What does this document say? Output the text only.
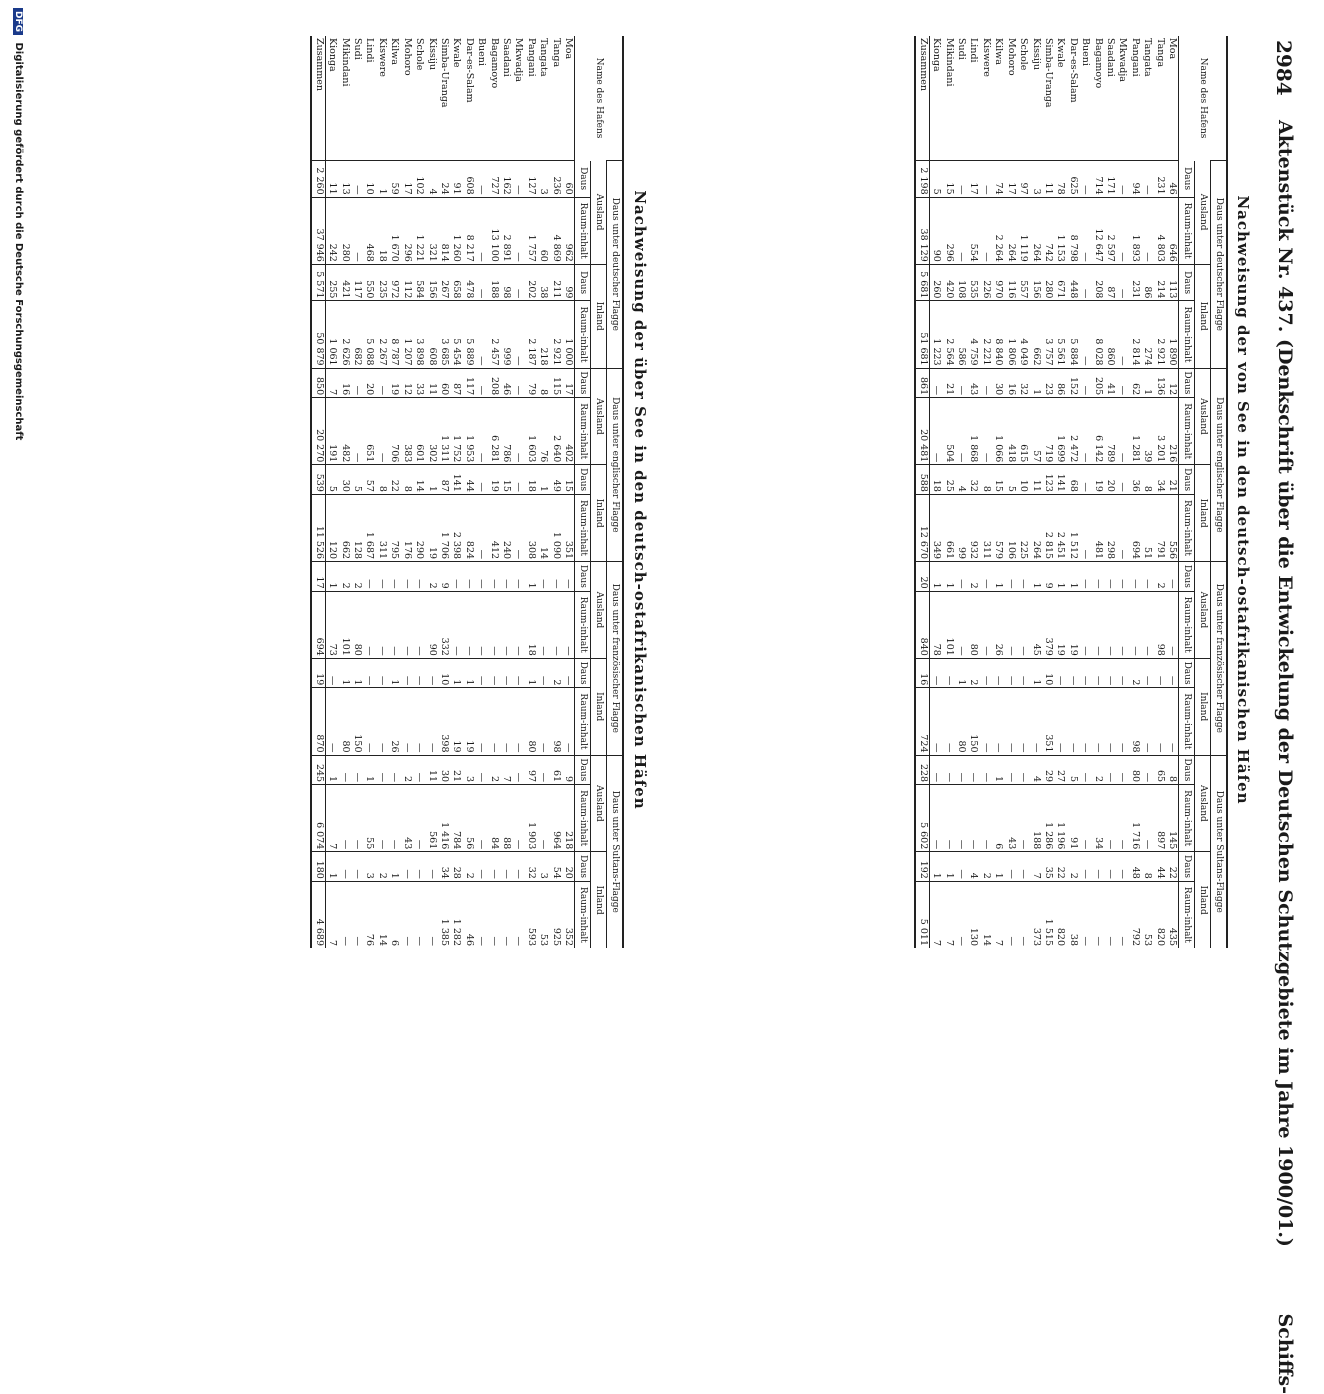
2984
Aktenstück Nr. 437. (Denkschrift über die Entwickelung der Deutschen Schutzgebiete im Jahre 1900/01.) Schiffs-
Nachweisung der von See in den deutsch-ostafrikanischen Häfen
Name des Hafens	Daus unter deutscher Flagge				Daus unter englischer Flagge				Daus unter französischer Flagge				Daus unter Sultans-Flagge			
	Ausland		Inland		Ausland		Inland		Ausland		Inland		Ausland		Inland	
	Daus	Raum-inhalt	Daus	Raum-inhalt	Daus	Raum-inhalt	Daus	Raum-inhalt	Daus	Raum-inhalt	Daus	Raum-inhalt	Daus	Raum-inhalt	Daus	Raum-inhalt
Moa	46	646	113	1 890	12	216	21	556	—	—	—	—	8	145	22	435
Tanga	231	4 803	214	2 921	136	3 201	34	791	2	98	—	—	65	897	44	820
Tangata	—	—	86	274	1	39	8	51	—	—	—	—	—	—	8	53
Pangani	94	1 893	231	2 814	62	1 281	36	694	—	—	2	98	80	1 716	48	792
Mkwadja	—	—	—	—	—	—	—	—	—	—	—	—	—	—	—	—
Saadani	171	2 597	87	860	41	789	20	298	—	—	—	—	—	—	—	—
Bagamoyo	714	12 647	208	8 028	205	6 142	19	481	—	—	—	—	2	34	—	—
Bueni	—	—	—	—	—	—	—	—	—	—	—	—	—	—	—	—
Dar-es-Salam	625	8 798	448	5 884	152	2 472	68	1 512	1	19	—	—	5	91	2	38
Kwale	78	1 153	671	5 561	86	1 699	141	2 451	1	19	—	—	27	1 196	22	820
Simba-Uranga	11	742	280	3 757	23	719	123	2 815	9	379	10	351	29	1 286	35	1 515
Kissiju	3	264	156	662	1	57	11	264	1	45	1	—	4	188	7	373
Schole	97	1 119	557	4 049	32	615	10	225	—	—	—	—	—	—	—	—
Mohoro	17	264	116	1 806	16	418	5	106	—	—	—	—	—	43	—	—
Kilwa	74	2 264	970	8 840	30	1 066	15	579	1	26	—	—	1	6	1	7
Kiswere	—	—	226	2 221	—	—	8	311	—	—	—	—	—	—	2	14
Lindi	17	554	535	4 759	43	1 868	32	932	2	80	2	150	—	—	4	130
Sudi	—	—	108	586	—	—	4	99	—	—	1	80	—	—	—	—
Mikindani	15	296	420	2 564	21	504	25	661	1	101	—	—	—	—	1	7
Kionga	5	90	260	1 223	—	—	18	349	1	78	—	—	—	—	1	7
Zusammen	2 198	38 129	5 681	51 681	861	20 481	588	12 670	20	840	16	724	228	5 602	192	5 011
Nachweisung der über See in den deutsch-ostafrikanischen Häfen
Name des Hafens	Daus unter deutscher Flagge				Daus unter englischer Flagge				Daus unter französischer Flagge				Daus unter Sultans-Flagge			
	Ausland		Inland		Ausland		Inland		Ausland		Inland		Ausland		Inland	
	Daus	Raum-inhalt	Daus	Raum-inhalt	Daus	Raum-inhalt	Daus	Raum-inhalt	Daus	Raum-inhalt	Daus	Raum-inhalt	Daus	Raum-inhalt	Daus	Raum-inhalt
Moa	60	962	99	1 000	17	402	15	351	—	—	—	—	9	218	20	352
Tanga	236	4 869	211	2 921	115	2 640	49	1 090	—	—	2	98	61	964	54	925
Tangata	3	60	38	218	8	76	1	14	—	—	—	—	—	—	3	53
Pangani	127	1 757	202	2 187	79	1 603	18	308	1	18	1	80	97	1 903	32	593
Mkwadja	—	—	—	—	—	—	—	—	—	—	—	—	—	—	—	—
Saadani	162	2 891	98	999	46	786	15	240	—	—	—	—	7	88	—	—
Bagamoyo	727	13 100	188	2 457	208	6 281	19	412	—	—	—	—	2	84	—	—
Bueni	—	—	—	—	—	—	—	—	—	—	—	—	—	—	—	—
Dar-es-Salam	608	8 217	478	5 889	117	1 953	44	824	—	—	1	19	3	56	2	46
Kwale	91	1 260	658	5 454	87	1 752	141	2 398	—	—	1	19	21	784	28	1 282
Simba-Uranga	24	814	267	3 685	60	1 311	87	1 706	9	332	10	398	30	1 416	34	1 385
Kissiju	4	321	156	608	11	302	1	19	2	90	—	—	11	561	—	—
Schole	102	1 221	584	3 898	33	601	14	290	—	—	—	—	—	—	—	—
Mohoro	17	296	112	1 207	12	383	8	176	—	—	—	—	2	43	—	—
Kilwa	59	1 670	972	8 787	19	706	22	795	—	—	1	26	—	—	1	6
Kiswere	1	18	235	2 267	—	—	8	311	—	—	—	—	—	—	2	14
Lindi	10	468	550	5 088	20	651	57	1 687	—	—	—	—	1	55	3	76
Sudi	—	—	117	682	—	—	5	128	2	80	1	150	—	—	—	—
Mikindani	13	280	421	2 626	16	482	30	662	2	101	1	80	—	—	—	—
Kionga	11	242	255	1 061	7	191	5	120	1	73	—	—	1	7	1	7
Zusammen	2 260	37 946	5 571	50 879	850	20 270	539	11 526	17	694	19	870	245	6 074	180	4 689
DFG Digitalisierung gefördert durch die Deutsche Forschungsgemeinschaft
